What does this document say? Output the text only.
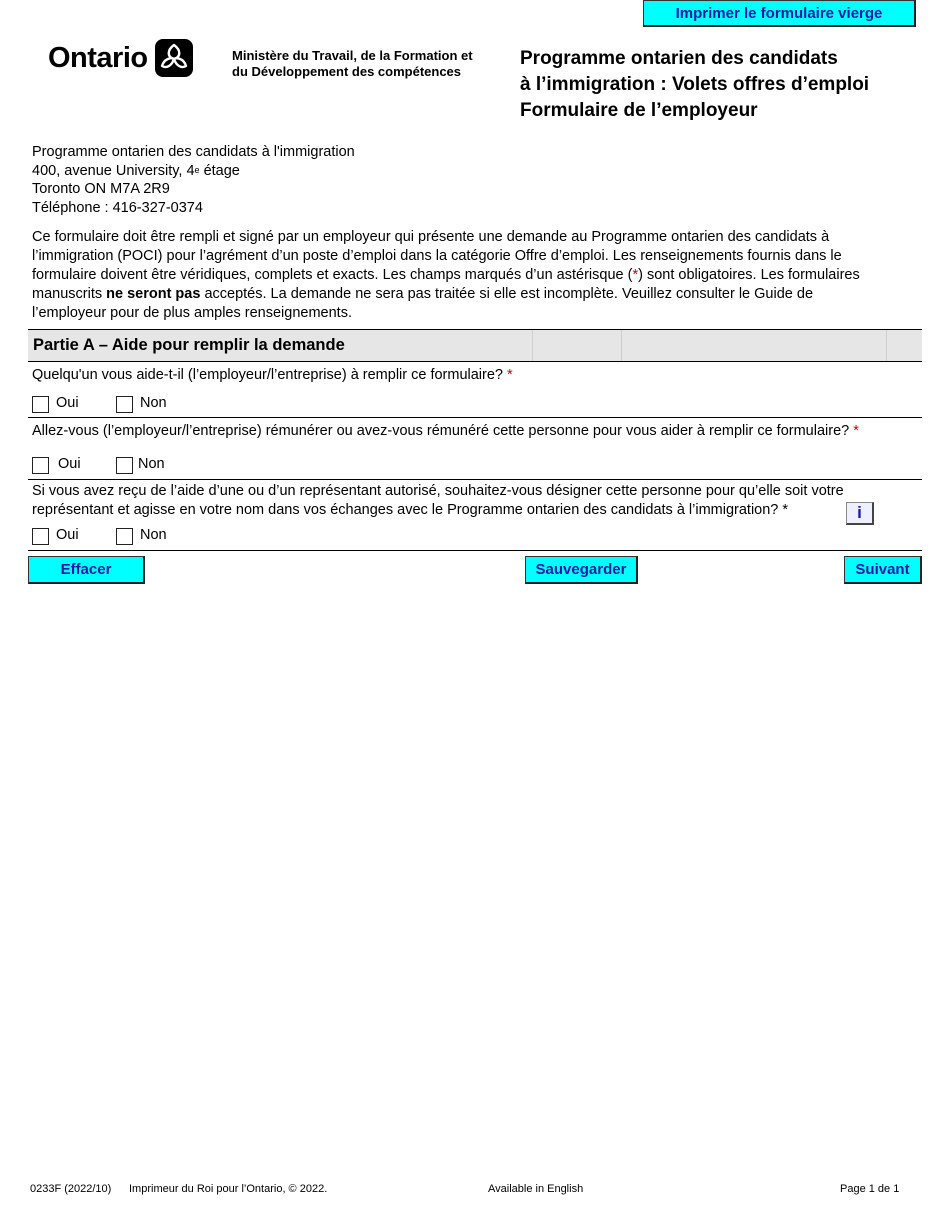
Imprimer le formulaire vierge
Ontario	Ministère du Travail, de la Formation et
du Développement des compétences
Programme ontarien des candidats
à l’immigration : Volets offres d’emploi
Formulaire de l’employeur
Programme ontarien des candidats à l'immigration
400, avenue University, 4e étage
Toronto ON M7A 2R9
Téléphone : 416-327-0374
Ce formulaire doit être rempli et signé par un employeur qui présente une demande au Programme ontarien des candidats à
l’immigration (POCI) pour l’agrément d’un poste d’emploi dans la catégorie Offre d’emploi. Les renseignements fournis dans le
formulaire doivent être véridiques, complets et exacts. Les champs marqués d’un astérisque (*) sont obligatoires. Les formulaires
manuscrits ne seront pas acceptés. La demande ne sera pas traitée si elle est incomplète. Veuillez consulter le Guide de
l’employeur pour de plus amples renseignements.
Partie A – Aide pour remplir la demande
Quelqu'un vous aide-t-il (l’employeur/l’entreprise) à remplir ce formulaire? *
Oui	Non
Allez-vous (l’employeur/l’entreprise) rémunérer ou avez-vous rémunéré cette personne pour vous aider à remplir ce formulaire? *
Oui	Non
Si vous avez reçu de l’aide d’une ou d’un représentant autorisé, souhaitez-vous désigner cette personne pour qu’elle soit votre
représentant et agisse en votre nom dans vos échanges avec le Programme ontarien des candidats à l’immigration? *	i
Oui	Non
Effacer	Sauvegarder	Suivant
0233F (2022/10) Imprimeur du Roi pour l’Ontario, © 2022.	Available in English	Page 1 de 1
